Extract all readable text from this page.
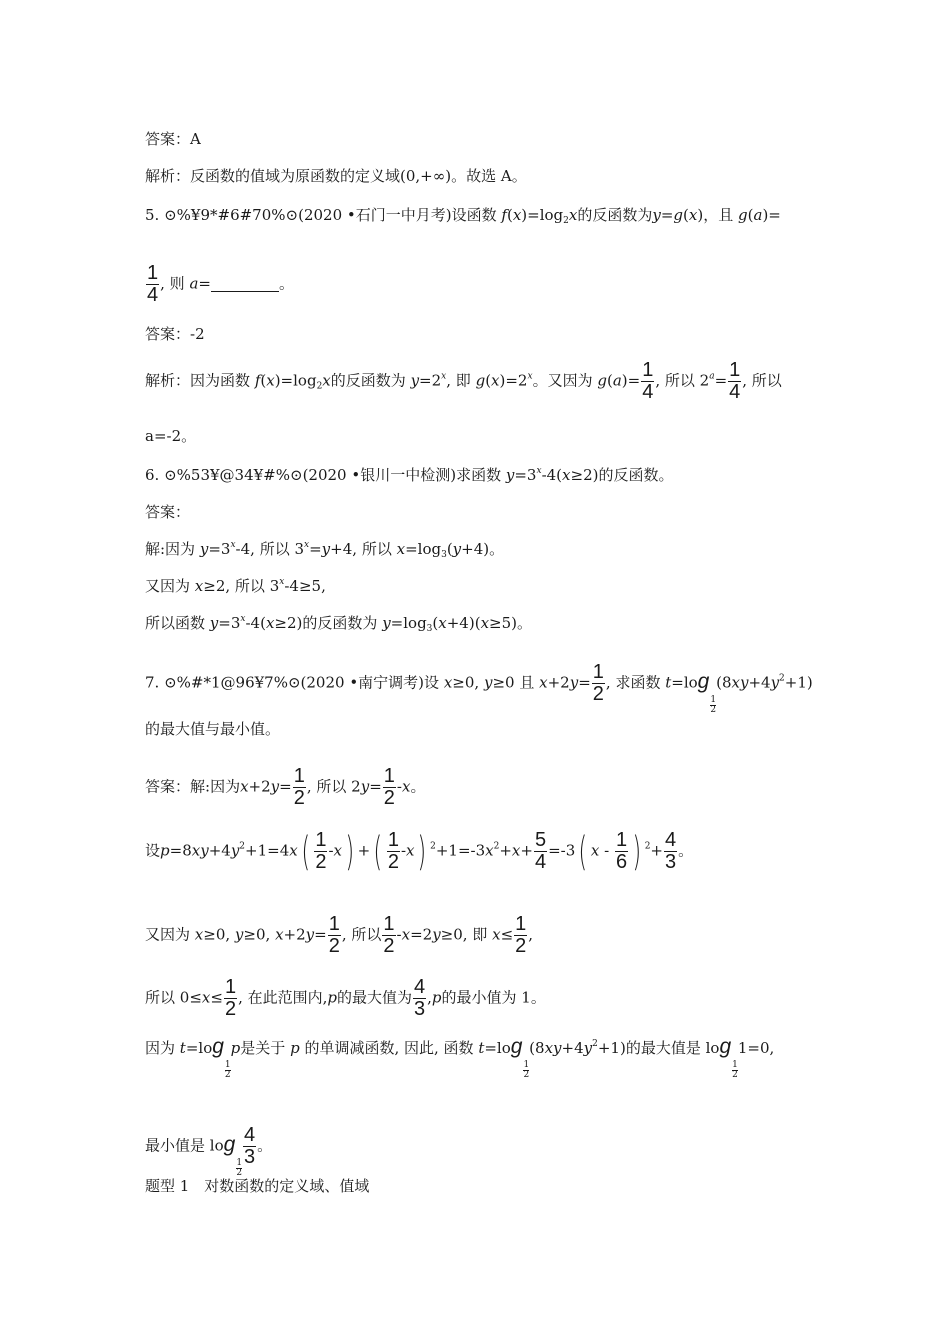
答案：A
解析：反函数的值域为原函数的定义域(0,+∞)。故选 A。
5. ⊙%¥9*#6#70%⊙(2020 •石门一中月考)设函数 $f(x)=\log_2x$的反函数为y=g(x)，且 g(a)=
$\frac{1}{4}$ , 则 a=	。
答案：-2
解析：因为函数 $f(x)=\log_2x$的反函数为 $y=2^x$, 即 $g(x)=2^x$。又因为 $g(a)= \frac{1}{4}$ , 所以 $2^a= \frac{1}{4}$ , 所以
a=-2。
6. ⊙%53¥@34¥#%⊙(2020 •银川一中检测)求函数 $y=3^x-4(x\ge 2)$的反函数。
答案：
解:因为 $y=3^x-4$, 所以 $3^x=y+4$, 所以 $x=\log_3(y+4)$。
又因为 x≥2, 所以 $3^x-4\ge 5$,
所以函数 $y=3^x-4(x\ge 2)$的反函数为 $y=\log_3(x+4)(x\ge 5)$。
7. ⊙%#*1@96¥7%⊙(2020 •南宁调考)设 x≥0, y≥0 且 $x+2y= \frac{1}{2}$ , 求函数 t=log
$\frac{1}{2}$
$(8xy+4y^2+1)$
的最大值与最小值。
答案：解:因为$x+2y= \frac{1}{2}$ , 所以 $2y= \frac{1}{2} -x$。
设$p=8xy+4y^2+1=4x( \frac{1}{2} -x)$ +( $\frac{1}{2} -x$) $^2+1=-3x^2+x+ \frac{5}{4} =-3$( x - $\frac{1}{6}$ ) $^2+ \frac{4}{3}$ 。
又因为 x≥0, y≥0, $x+2y= \frac{1}{2}$ , 所以 $\frac{1}{2} -x=2y\ge 0$, 即 $x\le \frac{1}{2}$ ,
所以 $0\le x\le \frac{1}{2}$ , 在此范围内,p的最大值为 $\frac{4}{3} ,p$的最小值为 1。
因为 t=log
$\frac{1}{2}$
p是关于 p 的单调减函数, 因此, 函数 t=log
$\frac{1}{2}$
$(8xy+4y^2+1)$的最大值是 log
$\frac{1}{2}$
1=0,
最小值是 log
$\frac{1}{2} \frac{4}{3}$ 。
题型 1　对数函数的定义域、值域
